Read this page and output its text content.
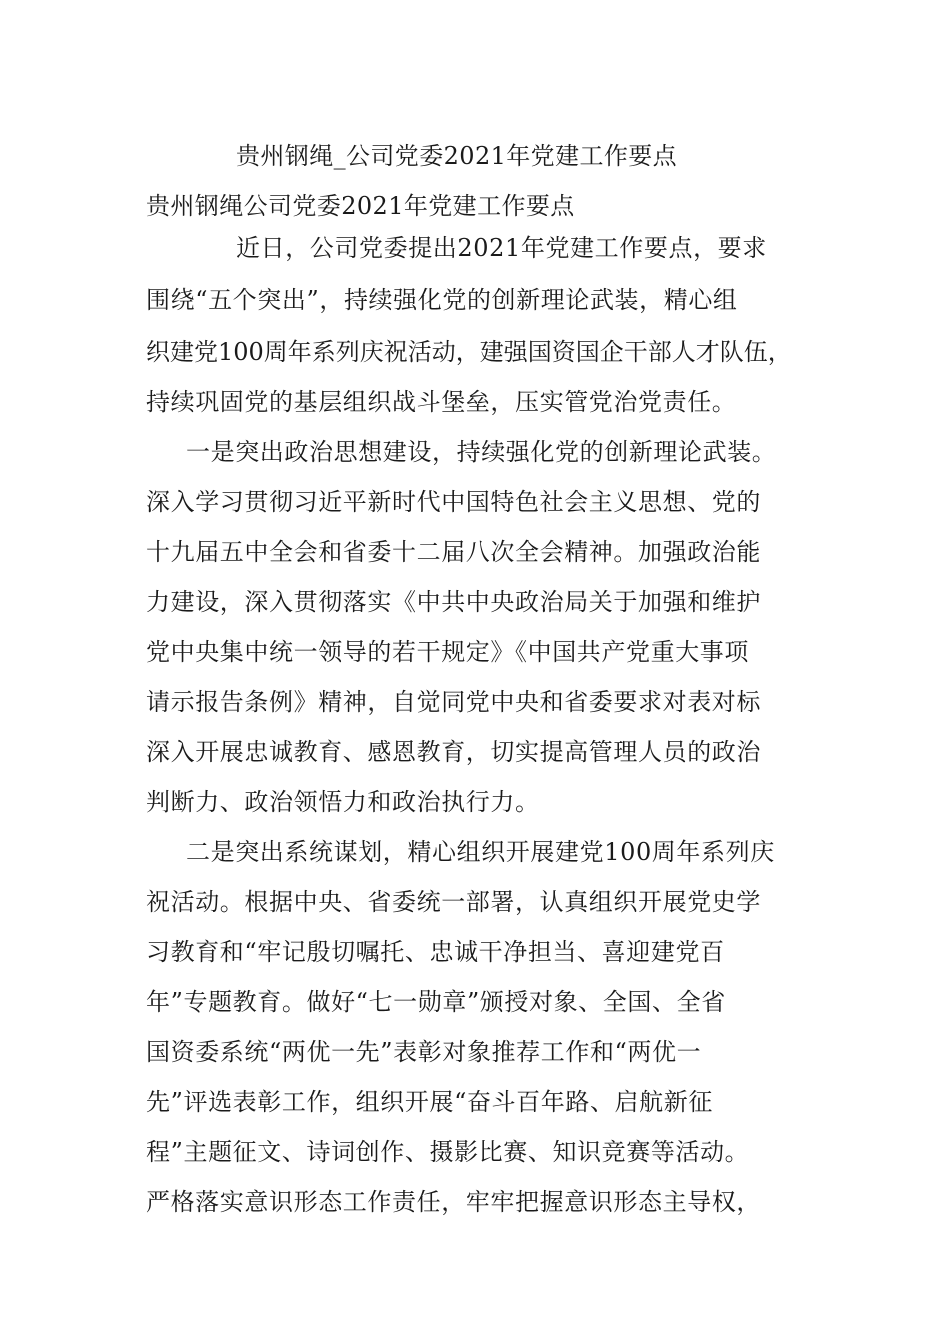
贵州钢绳_公司党委2021年党建工作要点
贵州钢绳公司党委2021年党建工作要点
近日，公司党委提出2021年党建工作要点，要求
围绕“五个突出”，持续强化党的创新理论武装，精心组
织建党100周年系列庆祝活动，建强国资国企干部人才队伍，
持续巩固党的基层组织战斗堡垒，压实管党治党责任。
一是突出政治思想建设，持续强化党的创新理论武装。
深入学习贯彻习近平新时代中国特色社会主义思想、党的
十九届五中全会和省委十二届八次全会精神。加强政治能
力建设，深入贯彻落实《中共中央政治局关于加强和维护
党中央集中统一领导的若干规定》《中国共产党重大事项
请示报告条例》精神，自觉同党中央和省委要求对表对标
深入开展忠诚教育、感恩教育，切实提高管理人员的政治
判断力、政治领悟力和政治执行力。
二是突出系统谋划，精心组织开展建党100周年系列庆
祝活动。根据中央、省委统一部署，认真组织开展党史学
习教育和“牢记殷切嘱托、忠诚干净担当、喜迎建党百
年”专题教育。做好“七一勋章”颁授对象、全国、全省
国资委系统“两优一先”表彰对象推荐工作和“两优一
先”评选表彰工作，组织开展“奋斗百年路、启航新征
程”主题征文、诗词创作、摄影比赛、知识竞赛等活动。
严格落实意识形态工作责任，牢牢把握意识形态主导权，
